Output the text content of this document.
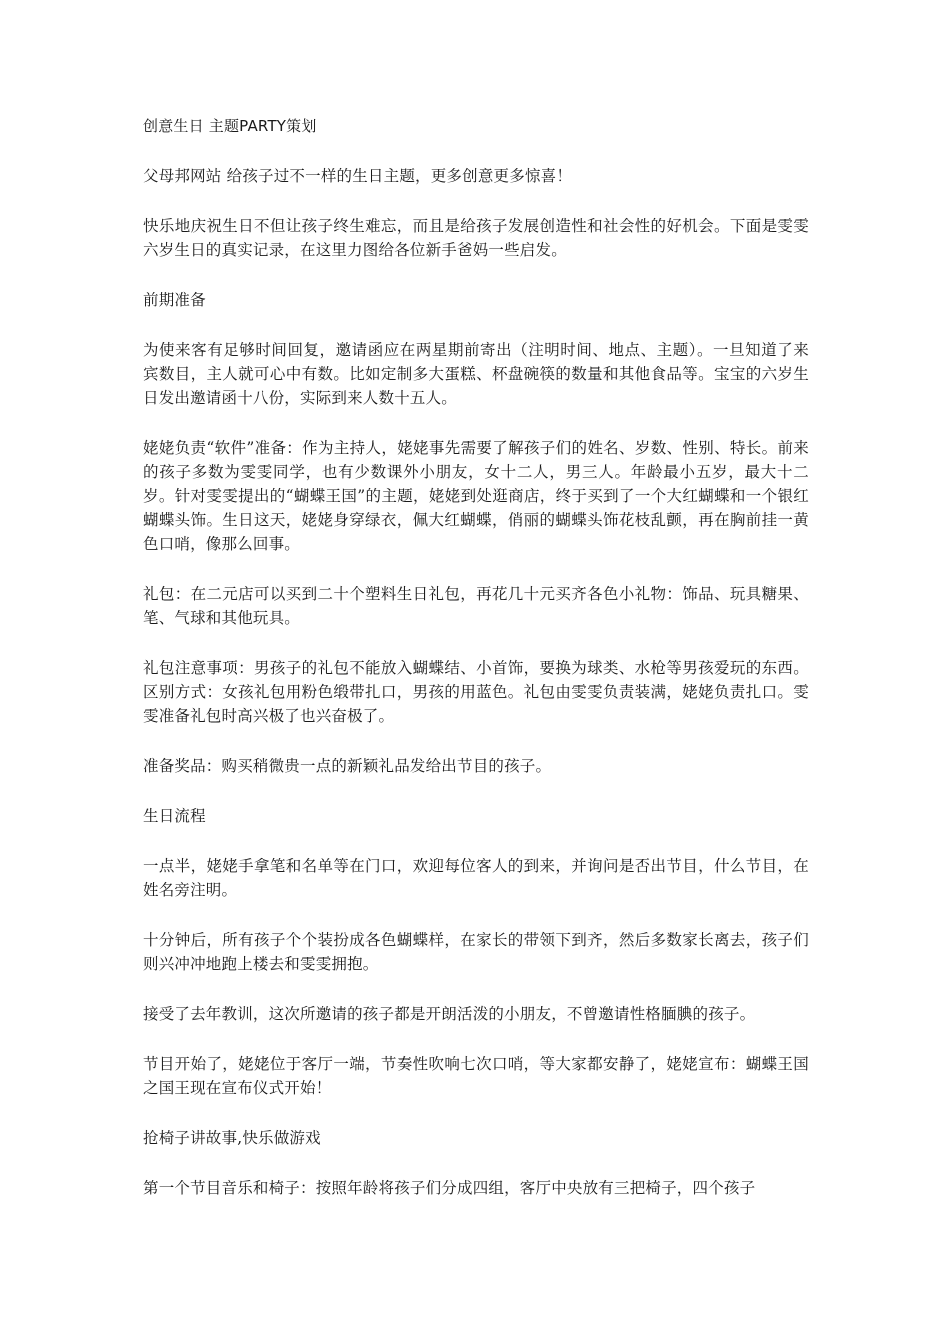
创意生日 主题PARTY策划

父母邦网站 给孩子过不一样的生日主题，更多创意更多惊喜！

快乐地庆祝生日不但让孩子终生难忘，而且是给孩子发展创造性和社会性的好机会。下面是雯雯六岁生日的真实记录，在这里力图给各位新手爸妈一些启发。

前期准备

为使来客有足够时间回复，邀请函应在两星期前寄出（注明时间、地点、主题）。一旦知道了来宾数目，主人就可心中有数。比如定制多大蛋糕、杯盘碗筷的数量和其他食品等。宝宝的六岁生日发出邀请函十八份，实际到来人数十五人。

姥姥负责“软件”准备：作为主持人，姥姥事先需要了解孩子们的姓名、岁数、性别、特长。前来的孩子多数为雯雯同学，也有少数课外小朋友，女十二人，男三人。年龄最小五岁，最大十二岁。针对雯雯提出的“蝴蝶王国”的主题，姥姥到处逛商店，终于买到了一个大红蝴蝶和一个银红蝴蝶头饰。生日这天，姥姥身穿绿衣，佩大红蝴蝶，俏丽的蝴蝶头饰花枝乱颤，再在胸前挂一黄色口哨，像那么回事。

礼包：在二元店可以买到二十个塑料生日礼包，再花几十元买齐各色小礼物：饰品、玩具糖果、笔、气球和其他玩具。

礼包注意事项：男孩子的礼包不能放入蝴蝶结、小首饰，要换为球类、水枪等男孩爱玩的东西。区别方式：女孩礼包用粉色缎带扎口，男孩的用蓝色。礼包由雯雯负责装满，姥姥负责扎口。雯雯准备礼包时高兴极了也兴奋极了。

准备奖品：购买稍微贵一点的新颖礼品发给出节目的孩子。

生日流程

一点半，姥姥手拿笔和名单等在门口，欢迎每位客人的到来，并询问是否出节目，什么节目，在姓名旁注明。

十分钟后，所有孩子个个装扮成各色蝴蝶样，在家长的带领下到齐，然后多数家长离去，孩子们则兴冲冲地跑上楼去和雯雯拥抱。

接受了去年教训，这次所邀请的孩子都是开朗活泼的小朋友，不曾邀请性格腼腆的孩子。

节目开始了，姥姥位于客厅一端，节奏性吹响七次口哨，等大家都安静了，姥姥宣布：蝴蝶王国之国王现在宣布仪式开始！

抢椅子讲故事,快乐做游戏

第一个节目音乐和椅子：按照年龄将孩子们分成四组，客厅中央放有三把椅子，四个孩子
